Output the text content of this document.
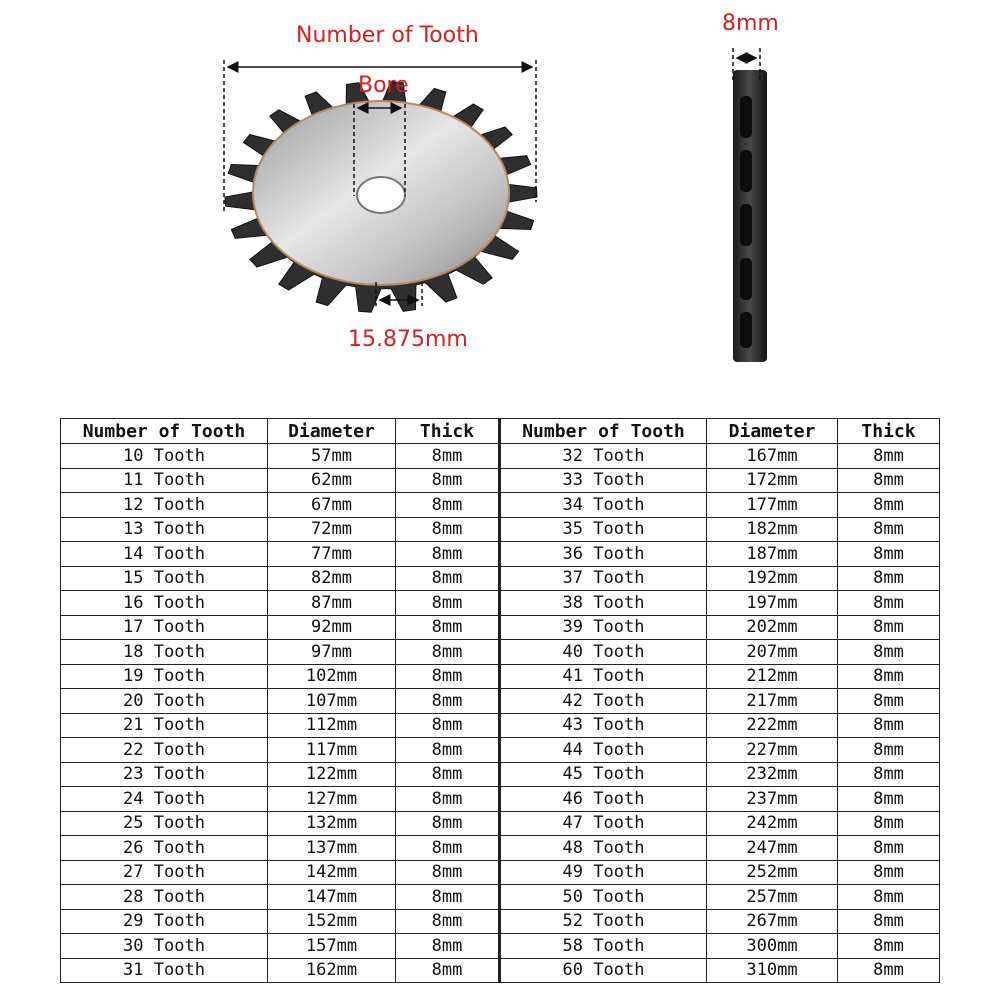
Number of Tooth
Bore
15.875mm
8mm
Number of Tooth	Diameter	Thick	Number of Tooth	Diameter	Thick
10 Tooth	57mm	8mm	32 Tooth	167mm	8mm
11 Tooth	62mm	8mm	33 Tooth	172mm	8mm
12 Tooth	67mm	8mm	34 Tooth	177mm	8mm
13 Tooth	72mm	8mm	35 Tooth	182mm	8mm
14 Tooth	77mm	8mm	36 Tooth	187mm	8mm
15 Tooth	82mm	8mm	37 Tooth	192mm	8mm
16 Tooth	87mm	8mm	38 Tooth	197mm	8mm
17 Tooth	92mm	8mm	39 Tooth	202mm	8mm
18 Tooth	97mm	8mm	40 Tooth	207mm	8mm
19 Tooth	102mm	8mm	41 Tooth	212mm	8mm
20 Tooth	107mm	8mm	42 Tooth	217mm	8mm
21 Tooth	112mm	8mm	43 Tooth	222mm	8mm
22 Tooth	117mm	8mm	44 Tooth	227mm	8mm
23 Tooth	122mm	8mm	45 Tooth	232mm	8mm
24 Tooth	127mm	8mm	46 Tooth	237mm	8mm
25 Tooth	132mm	8mm	47 Tooth	242mm	8mm
26 Tooth	137mm	8mm	48 Tooth	247mm	8mm
27 Tooth	142mm	8mm	49 Tooth	252mm	8mm
28 Tooth	147mm	8mm	50 Tooth	257mm	8mm
29 Tooth	152mm	8mm	52 Tooth	267mm	8mm
30 Tooth	157mm	8mm	58 Tooth	300mm	8mm
31 Tooth	162mm	8mm	60 Tooth	310mm	8mm
